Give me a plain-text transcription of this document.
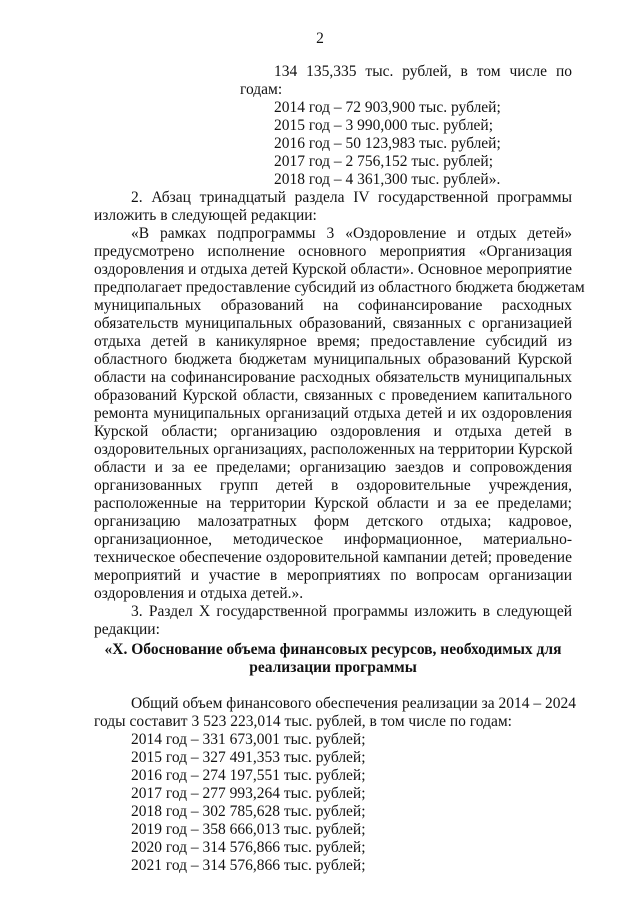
2
134 135,335 тыс. рублей, в том числе по
годам:
2014 год – 72 903,900 тыс. рублей;
2015 год – 3 990,000 тыс. рублей;
2016 год – 50 123,983 тыс. рублей;
2017 год – 2 756,152 тыс. рублей;
2018 год – 4 361,300 тыс. рублей».
2. Абзац тринадцатый раздела IV государственной программы
изложить в следующей редакции:
«В рамках подпрограммы 3 «Оздоровление и отдых детей»
предусмотрено исполнение основного мероприятия «Организация
оздоровления и отдыха детей Курской области». Основное мероприятие
предполагает предоставление субсидий из областного бюджета бюджетам
муниципальных образований на софинансирование расходных
обязательств муниципальных образований, связанных с организацией
отдыха детей в каникулярное время; предоставление субсидий из
областного бюджета бюджетам муниципальных образований Курской
области на софинансирование расходных обязательств муниципальных
образований Курской области, связанных с проведением капитального
ремонта муниципальных организаций отдыха детей и их оздоровления
Курской области; организацию оздоровления и отдыха детей в
оздоровительных организациях, расположенных на территории Курской
области и за ее пределами; организацию заездов и сопровождения
организованных групп детей в оздоровительные учреждения,
расположенные на территории Курской области и за ее пределами;
организацию малозатратных форм детского отдыха; кадровое,
организационное, методическое информационное, материально-
техническое обеспечение оздоровительной кампании детей; проведение
мероприятий и участие в мероприятиях по вопросам организации
оздоровления и отдыха детей.».
3. Раздел X государственной программы изложить в следующей
редакции:
«X. Обоснование объема финансовых ресурсов, необходимых для
реализации программы
Общий объем финансового обеспечения реализации за 2014 – 2024
годы составит 3 523 223,014 тыс. рублей, в том числе по годам:
2014 год – 331 673,001 тыс. рублей;
2015 год – 327 491,353 тыс. рублей;
2016 год – 274 197,551 тыс. рублей;
2017 год – 277 993,264 тыс. рублей;
2018 год – 302 785,628 тыс. рублей;
2019 год – 358 666,013 тыс. рублей;
2020 год – 314 576,866 тыс. рублей;
2021 год – 314 576,866 тыс. рублей;
